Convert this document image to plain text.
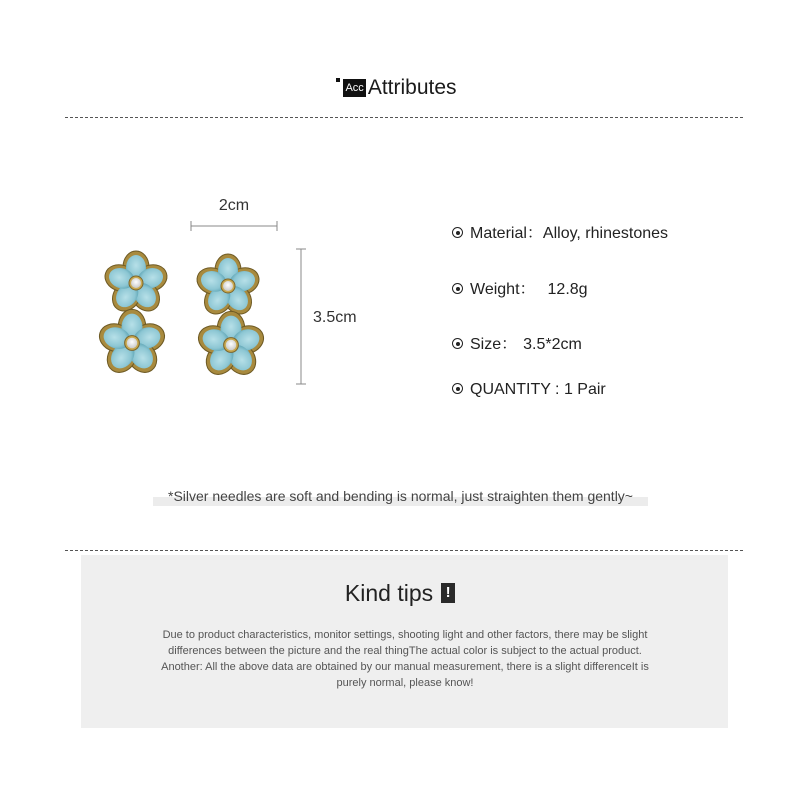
Acc Attributes
2cm
3.5cm
Material：Alloy, rhinestones
Weight： 12.8g
Size： 3.5*2cm
QUANTITY : 1 Pair
*Silver needles are soft and bending is normal, just straighten them gently~
Kind tips !
Due to product characteristics, monitor settings, shooting light and other factors, there may be slight
differences between the picture and the real thingThe actual color is subject to the actual product.
Another: All the above data are obtained by our manual measurement, there is a slight differenceIt is
purely normal, please know!
